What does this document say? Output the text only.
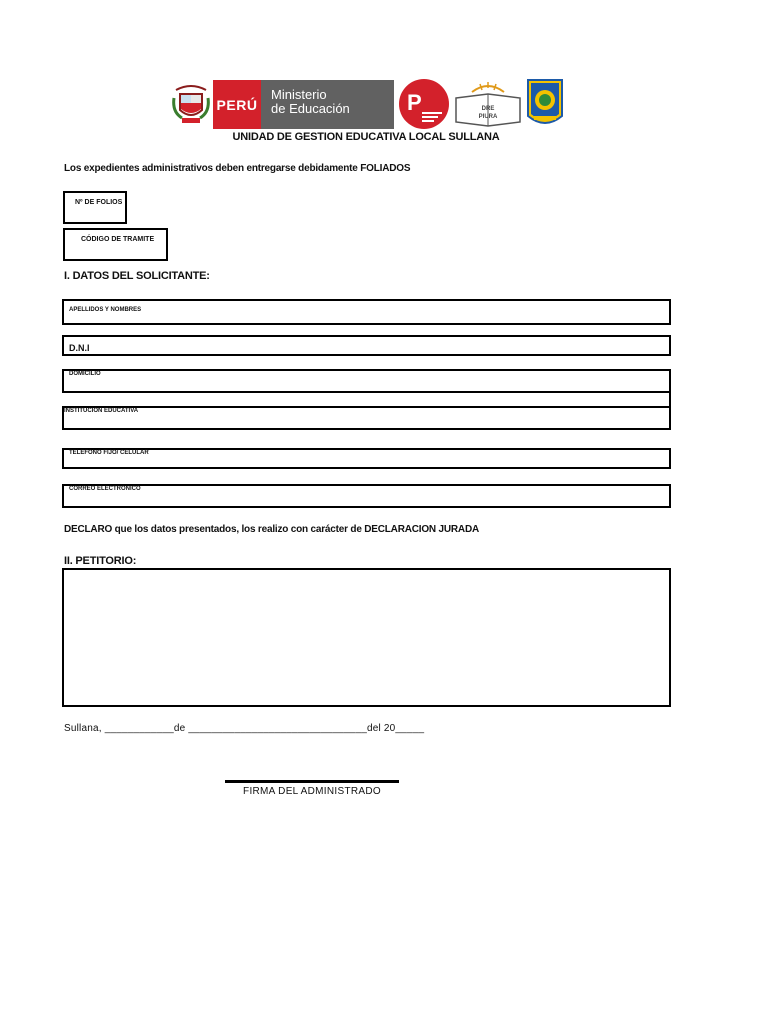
PERÚ
Ministerio
de Educación	P	DRE
PIURA
UNIDAD DE GESTION EDUCATIVA LOCAL SULLANA
Los expedientes administrativos deben entregarse debidamente FOLIADOS
Nº DE FOLIOS
CÓDIGO DE TRAMITE
I. DATOS DEL SOLICITANTE:
APELLIDOS Y NOMBRES
D.N.I
DOMICILIO
INSTITUCION EDUCATIVA
TELEFONO FIJO/ CELULAR
CORREO ELECTRONICO
DECLARO que los datos presentados, los realizo con carácter de DECLARACION JURADA
II. PETITORIO:
Sullana, ____________de _______________________________del 20_____
FIRMA DEL ADMINISTRADO
